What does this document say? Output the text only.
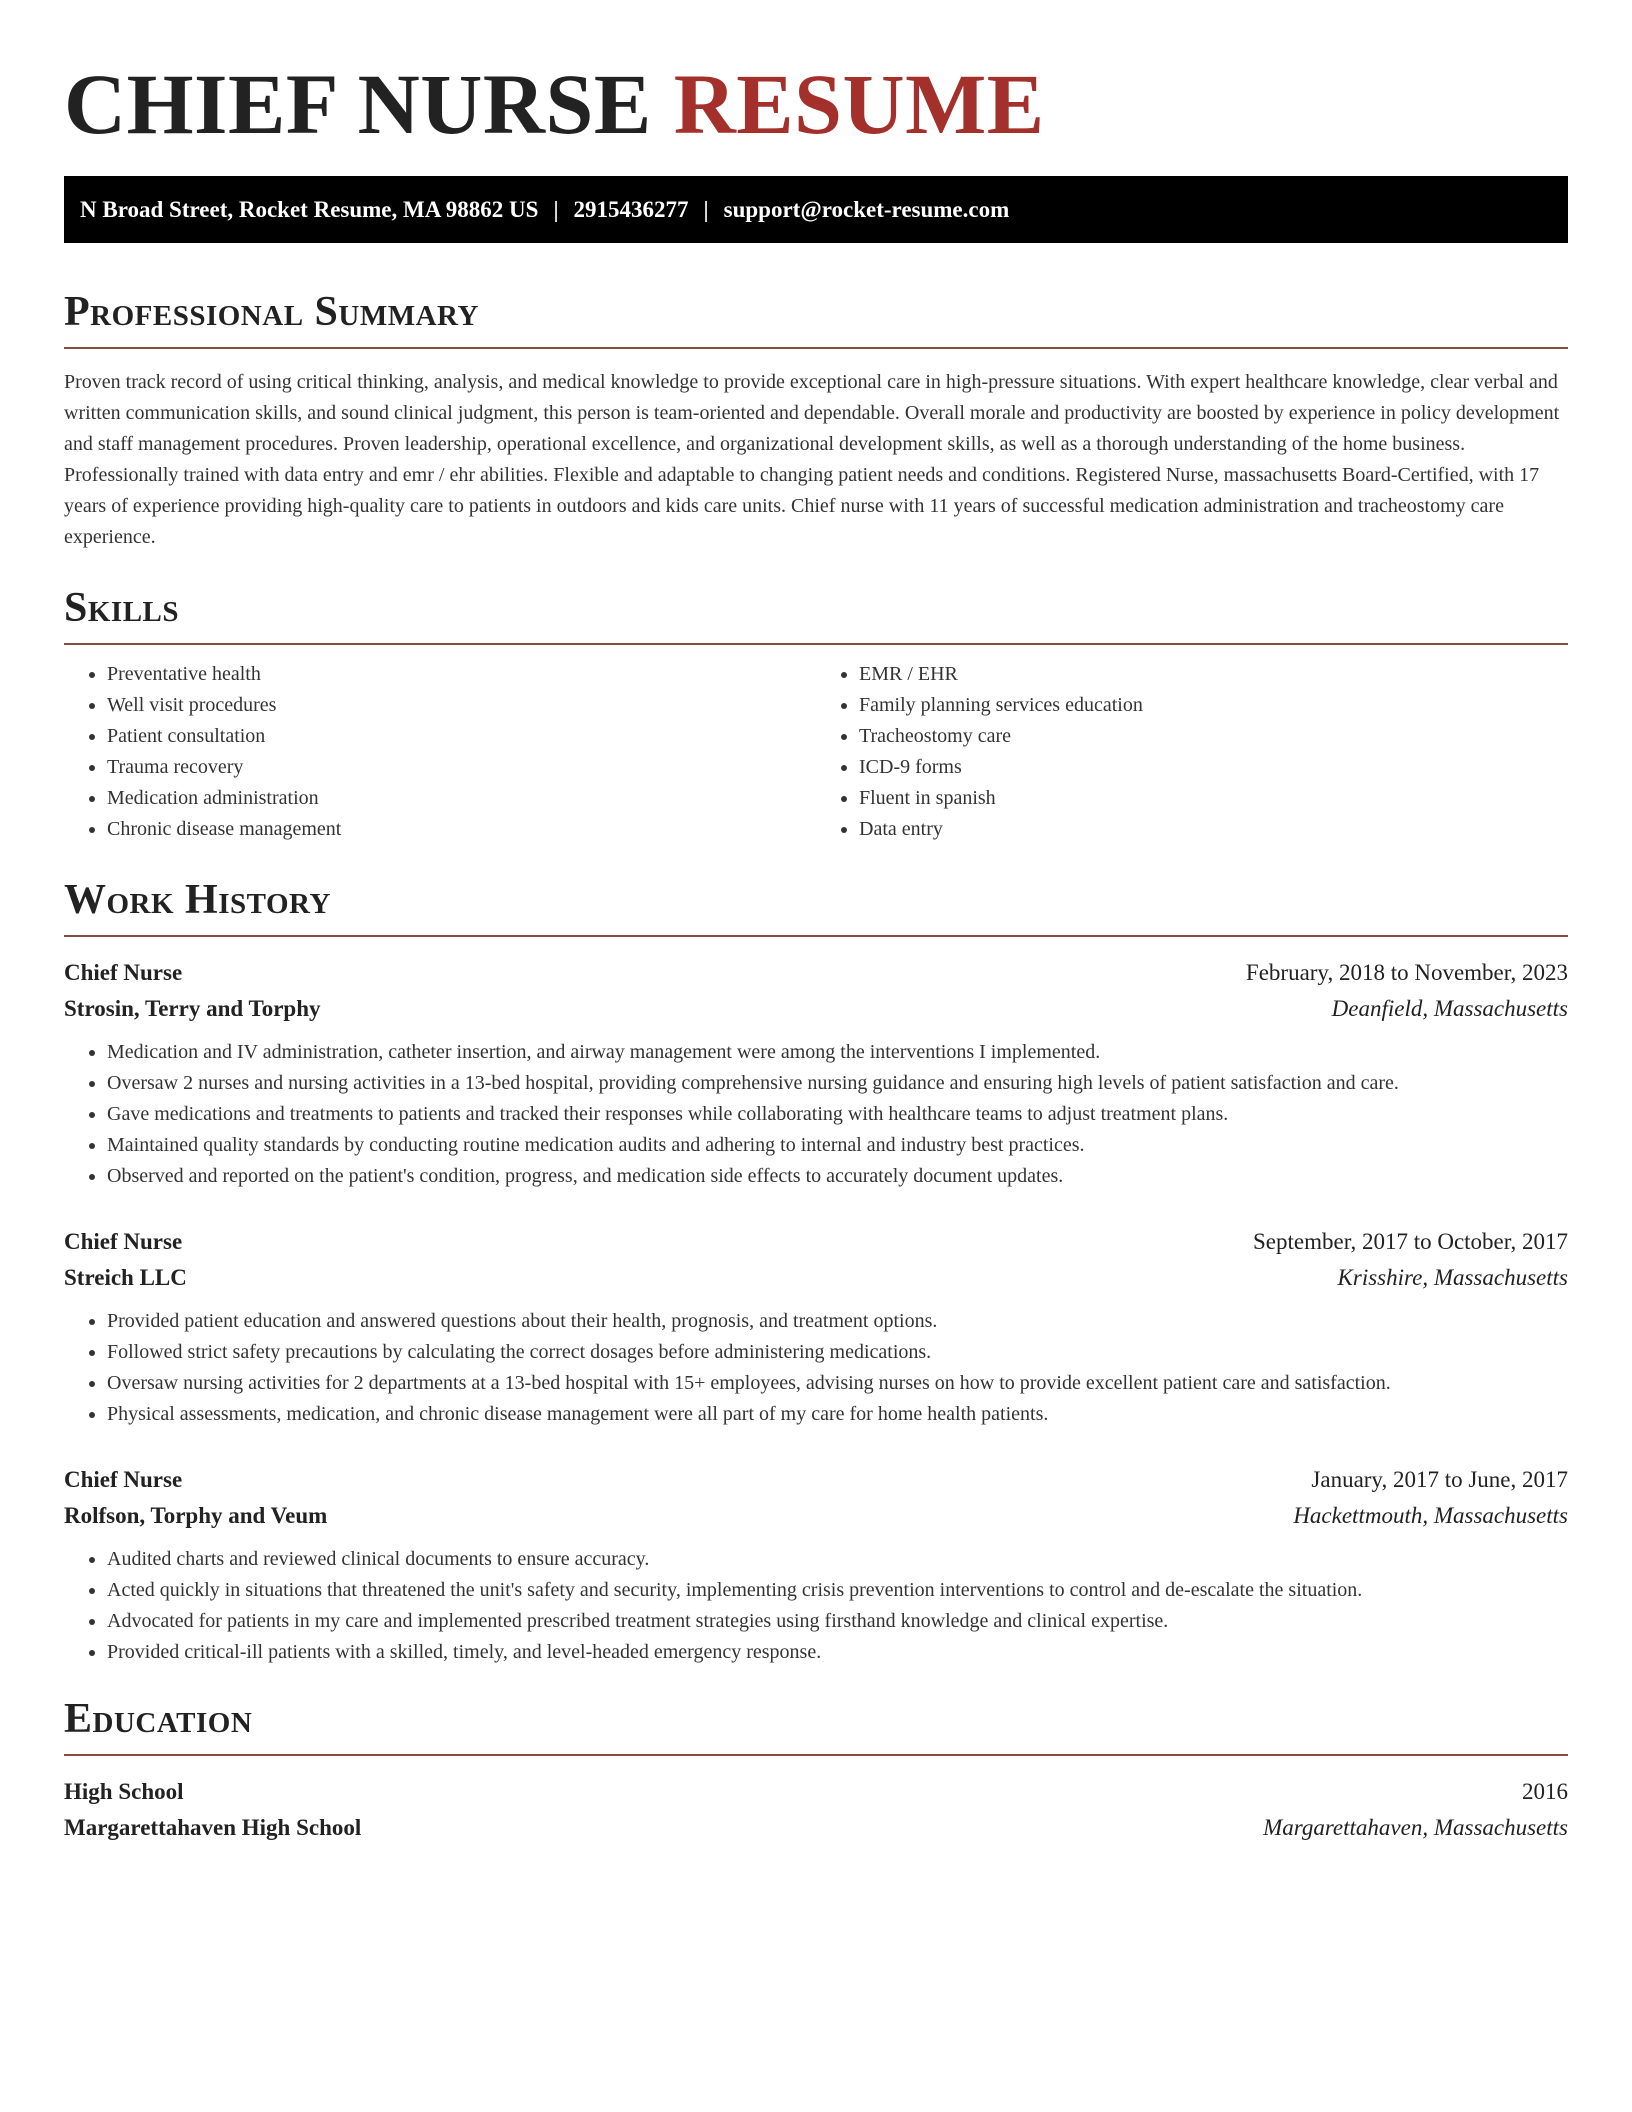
CHIEF NURSE RESUME
N Broad Street, Rocket Resume, MA 98862 US | 2915436277 | support@rocket-resume.com
Professional Summary

Proven track record of using critical thinking, analysis, and medical knowledge to provide exceptional care in high-pressure situations. With expert healthcare knowledge, clear verbal and written communication skills, and sound clinical judgment, this person is team-oriented and dependable. Overall morale and productivity are boosted by experience in policy development and staff management procedures. Proven leadership, operational excellence, and organizational development skills, as well as a thorough understanding of the home business. Professionally trained with data entry and emr / ehr abilities. Flexible and adaptable to changing patient needs and conditions. Registered Nurse, massachusetts Board-Certified, with 17 years of experience providing high-quality care to patients in outdoors and kids care units. Chief nurse with 11 years of successful medication administration and tracheostomy care experience.

Skills
• Preventative health
• Well visit procedures
• Patient consultation
• Trauma recovery
• Medication administration
• Chronic disease management
• EMR / EHR
• Family planning services education
• Tracheostomy care
• ICD-9 forms
• Fluent in spanish
• Data entry
Work History
Chief Nurse	February, 2018 to November, 2023
Strosin, Terry and Torphy	Deanfield, Massachusetts
• Medication and IV administration, catheter insertion, and airway management were among the interventions I implemented.
• Oversaw 2 nurses and nursing activities in a 13-bed hospital, providing comprehensive nursing guidance and ensuring high levels of patient satisfaction and care.
• Gave medications and treatments to patients and tracked their responses while collaborating with healthcare teams to adjust treatment plans.
• Maintained quality standards by conducting routine medication audits and adhering to internal and industry best practices.
• Observed and reported on the patient's condition, progress, and medication side effects to accurately document updates.
Chief Nurse	September, 2017 to October, 2017
Streich LLC	Krisshire, Massachusetts
• Provided patient education and answered questions about their health, prognosis, and treatment options.
• Followed strict safety precautions by calculating the correct dosages before administering medications.
• Oversaw nursing activities for 2 departments at a 13-bed hospital with 15+ employees, advising nurses on how to provide excellent patient care and satisfaction.
• Physical assessments, medication, and chronic disease management were all part of my care for home health patients.
Chief Nurse	January, 2017 to June, 2017
Rolfson, Torphy and Veum	Hackettmouth, Massachusetts
• Audited charts and reviewed clinical documents to ensure accuracy.
• Acted quickly in situations that threatened the unit's safety and security, implementing crisis prevention interventions to control and de-escalate the situation.
• Advocated for patients in my care and implemented prescribed treatment strategies using firsthand knowledge and clinical expertise.
• Provided critical-ill patients with a skilled, timely, and level-headed emergency response.
Education
High School	2016
Margarettahaven High School	Margarettahaven, Massachusetts
